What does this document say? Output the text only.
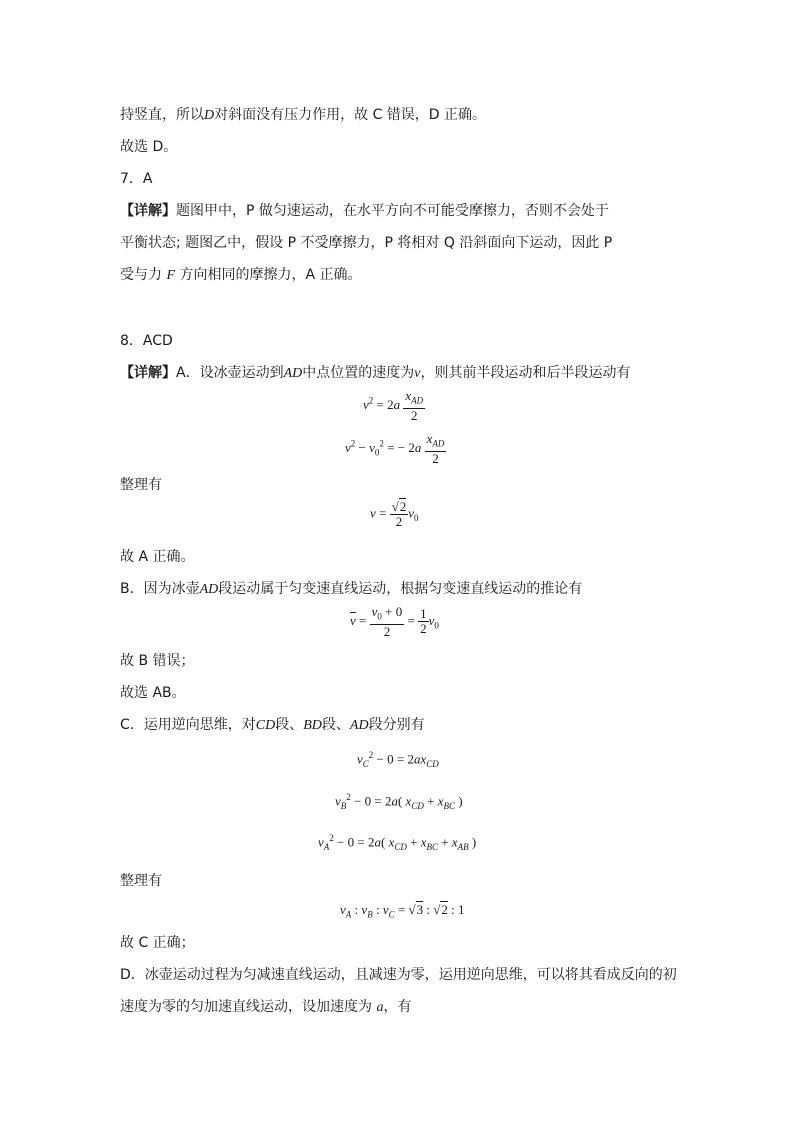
持竖直，所以D对斜面没有压力作用，故 C 错误，D 正确。
故选 D。
7．A
【详解】题图甲中，P 做匀速运动，在水平方向不可能受摩擦力，否则不会处于
平衡状态; 题图乙中，假设 P 不受摩擦力，P 将相对 Q 沿斜面向下运动，因此 P
受与力 F 方向相同的摩擦力，A 正确。
8．ACD
【详解】A．设冰壶运动到AD中点位置的速度为v，则其前半段运动和后半段运动有
$v^2 = 2a \frac{x_{AD}}{2}$
$v^2 - v_0^2$ = − $2a \frac{x_{AD}}{2}$
整理有
$v = \frac{√2}{2} v_0$
故 A 正确。
B．因为冰壶AD段运动属于匀变速直线运动，根据匀变速直线运动的推论有
$\overline{v} = \frac{v_0 + 0}{2} = \frac{1}{2} v_0$
故 B 错误；
故选 AB。
C．运用逆向思维，对CD段、BD段、AD段分别有
$v_C^2 - 0 = 2ax_{CD}$
$v_B^2 - 0 = 2a$( $x_{CD} + x_{BC}$ )
$v_A^2 - 0 = 2a$( $x_{CD} + x_{BC} + x_{AB}$ )
整理有
$v_A$ : $v_B$ : $v_C = √3$ : √2 : 1
故 C 正确；
D．冰壶运动过程为匀减速直线运动，且减速为零，运用逆向思维，可以将其看成反向的初
速度为零的匀加速直线运动，设加速度为 a，有
